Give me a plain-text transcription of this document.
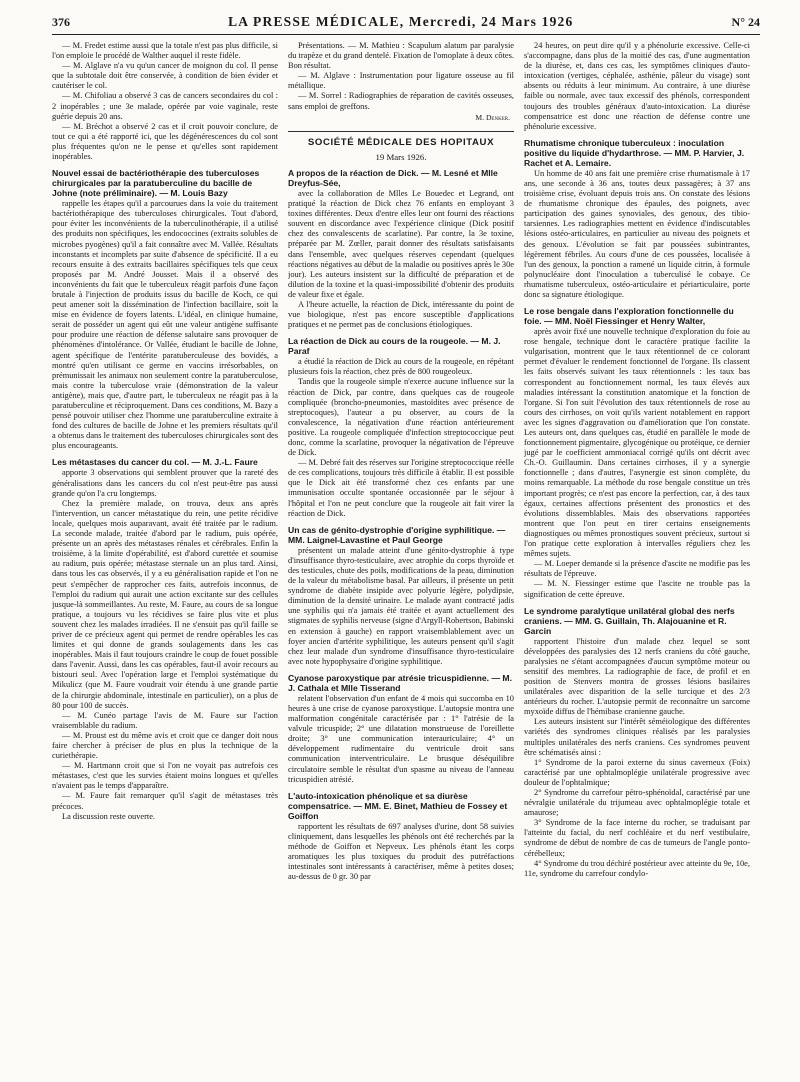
376	LA PRESSE MÉDICALE, Mercredi, 24 Mars 1926	N° 24

— M. Fredet estime aussi que la totale n'est pas plus difficile, si l'on emploie le procédé de Walther auquel il reste fidèle.

— M. Alglave n'a vu qu'un cancer de moignon du col. Il pense que la subtotale doit être conservée, à condition de bien évider et cautériser le col.

— M. Chifoliau a observé 3 cas de cancers secondaires du col : 2 inopérables ; une 3e malade, opérée par voie vaginale, reste guérie depuis 20 ans.

— M. Bréchot a observé 2 cas et il croit pouvoir conclure, de tout ce qui a été rapporté ici, que les dégénérescences du col sont plus fréquentes qu'on ne le pense et qu'elles sont rapidement inopérables.

Nouvel essai de bactériothérapie des tuberculoses chirurgicales par la paratuberculine du bacille de Johne (note préliminaire). — M. Louis Bazy

rappelle les étapes qu'il a parcourues dans la voie du traitement bactériothérapique des tuberculoses chirurgicales. Tout d'abord, pour éviter les inconvénients de la tuberculinothérapie, il a utilisé des produits non spécifiques, les endococcines (extraits solubles de microbes pyogènes) qu'il a fait connaître avec M. Vallée. Résultats inconstants et incomplets par suite d'absence de spécificité. Il a eu recours ensuite à des extraits bacillaires spécifiques tels que ceux proposés par M. André Jousset. Mais il a observé des inconvénients du fait que le tuberculeux réagit parfois d'une façon brutale à l'injection de produits issus du bacille de Koch, ce qui peut amener soit la dissémination de l'infection bacillaire, soit la mise en évidence de foyers latents. L'idéal, en clinique humaine, serait de posséder un agent qui eût une valeur antigène suffisante pour produire une réaction de défense salutaire sans provoquer de phénomènes d'intolérance. Or Vallée, étudiant le bacille de Johne, agent spécifique de l'entérite paratuberculeuse des bovidés, a montré qu'en utilisant ce germe en vaccins irrésorbables, on prémunissait les animaux non seulement contre la paratuberculose, mais contre la tuberculose vraie (démonstration de la valeur antigène), mais que, d'autre part, le tuberculeux ne réagit pas à la paratuberculine et réciproquement. Dans ces conditions, M. Bazy a pensé pouvoir utiliser chez l'homme une paratuberculine extraite à fond des cultures de bacille de Johne et les premiers résultats qu'il a obtenus dans le traitement des tuberculoses chirurgicales sont des plus encourageants.

Les métastases du cancer du col. — M. J.-L. Faure

apporte 3 observations qui semblent prouver que la rareté des généralisations dans les cancers du col n'est peut-être pas aussi grande qu'on l'a cru longtemps.

Chez la première malade, on trouva, deux ans après l'intervention, un cancer métastatique du rein, une petite récidive locale, quelques mois auparavant, avait été traitée par le radium. La seconde malade, traitée d'abord par le radium, puis opérée, présente un an après des métastases rénales et cérébrales. Enfin la troisième, à la limite d'opérabilité, est d'abord curettée et soumise au radium, puis opérée; métastase sternale un an plus tard. Ainsi, dans tous les cas observés, il y a eu généralisation rapide et l'on ne peut s'empêcher de rapprocher ces faits, autrefois inconnus, de l'emploi du radium qui aurait une action excitante sur des cellules jusque-là sommeillantes. Au reste, M. Faure, au cours de sa longue pratique, a toujours vu les récidives se faire plus vite et plus souvent chez les malades irradiées. Il ne s'ensuit pas qu'il faille se priver de ce précieux agent qui permet de rendre opérables les cas limites et qui donne de grands soulagements dans les cas inopérables. Mais il faut toujours craindre le coup de fouet possible dans l'avenir. Aussi, dans les cas opérables, faut-il avoir recours au bistouri seul. Avec l'opération large et l'emploi systématique du Mikulicz (que M. Faure voudrait voir étendu à une grande partie de la chirurgie abdominale, intestinale en particulier), on a plus de 80 pour 100 de succès.

— M. Cunéo partage l'avis de M. Faure sur l'action vraisemblable du radium.

— M. Proust est du même avis et croit que ce danger doit nous faire chercher à préciser de plus en plus la technique de la curiethérapie.

— M. Hartmann croit que si l'on ne voyait pas autrefois ces métastases, c'est que les survies étaient moins longues et qu'elles n'avaient pas le temps d'apparaître.

— M. Faure fait remarquer qu'il s'agit de métastases très précoces.

La discussion reste ouverte.

Présentations. — M. Mathieu : Scapulum alatum par paralysie du trapèze et du grand dentelé. Fixation de l'omoplate à deux côtes. Bon résultat.

— M. Alglave : Instrumentation pour ligature osseuse au fil métallique.

— M. Sorrel : Radiographies de réparation de cavités osseuses, sans emploi de greffons.

M. Denker.
SOCIÉTÉ MÉDICALE DES HOPITAUX
19 Mars 1926.
A propos de la réaction de Dick. — M. Lesné et Mlle Dreyfus-Sée,

avec la collaboration de Mlles Le Bouedec et Legrand, ont pratiqué la réaction de Dick chez 76 enfants en employant 3 toxines différentes. Deux d'entre elles leur ont fourni des réactions souvent en discordance avec l'expérience clinique (Dick positif chez des convalescents de scarlatine). Par contre, la 3e toxine, préparée par M. Zœller, parait donner des résultats satisfaisants dans l'ensemble, avec quelques réserves cependant (quelques réactions négatives au début de la maladie ou positives après le 30e jour). Les auteurs insistent sur la difficulté de préparation et de dilution de la toxine et la quasi-impossibilité d'obtenir des produits de valeur fixe et égale.

A l'heure actuelle, la réaction de Dick, intéressante du point de vue biologique, n'est pas encore susceptible d'applications pratiques et ne permet pas de conclusions étiologiques.

La réaction de Dick au cours de la rougeole. — M. J. Paraf

a étudié la réaction de Dick au cours de la rougeole, en répétant plusieurs fois la réaction, chez près de 800 rougeoleux.

Tandis que la rougeole simple n'exerce aucune influence sur la réaction de Dick, par contre, dans quelques cas de rougeole compliquée (broncho-pneumonies, mastoïdites avec présence de streptocoques), l'auteur a pu observer, au cours de la convalescence, la négativation d'une réaction antérieurement positive. La rougeole compliquée d'infection streptococcique peut donc, comme la scarlatine, provoquer la négativation de l'épreuve de Dick.

— M. Debré fait des réserves sur l'origine streptococcique réelle de ces complications, toujours très difficile à établir. Il est possible que le Dick ait été transformé chez ces enfants par une immunisation occulte spontanée occasionnée par le séjour à l'hôpital et l'on ne peut conclure que la rougeole ait fait virer la réaction de Dick.

Un cas de génito-dystrophie d'origine syphilitique. — MM. Laignel-Lavastine et Paul George

présentent un malade atteint d'une génito-dystrophie à type d'insuffisance thyro-testiculaire, avec atrophie du corps thyroïde et des testicules, chute des poils, modifications de la peau, diminution de la valeur du métabolisme basal. Par ailleurs, il présente un petit syndrome de diabète insipide avec polyurie légère, polydipsie, diminution de la densité urinaire. Le malade ayant contracté jadis une syphilis qui n'a jamais été traitée et ayant actuellement des stigmates de syphilis nerveuse (signe d'Argyll-Robertson, Babinski en extension à gauche) en rapport vraisemblablement avec un foyer ancien d'artérite syphilitique, les auteurs pensent qu'il s'agit chez leur malade d'un syndrome d'insuffisance thyro-testiculaire avec note hypophysaire d'origine syphilitique.

Cyanose paroxystique par atrésie tricuspidienne. — M. J. Cathala et Mlle Tisserand

relatent l'observation d'un enfant de 4 mois qui succomba en 10 heures à une crise de cyanose paroxystique. L'autopsie montra une malformation congénitale caractérisée par : 1° l'atrésie de la valvule tricuspide; 2° une dilatation monstrueuse de l'oreillette droite; 3° une communication interauriculaire; 4° un développement rudimentaire du ventricule droit sans communication interventriculaire. Le brusque déséquilibre circulatoire semble le résultat d'un spasme au niveau de l'anneau tricuspidien atrésié.

L'auto-intoxication phénolique et sa diurèse compensatrice. — MM. E. Binet, Mathieu de Fossey et Goiffon

rapportent les résultats de 697 analyses d'urine, dont 58 suivies cliniquement, dans lesquelles les phénols ont été recherchés par la méthode de Goiffon et Nepveux. Les phénols étant les corps aromatiques les plus toxiques du produit des putréfactions intestinales sont intéressants à caractériser, même à petites doses; au-dessus de 0 gr. 30 par

24 heures, on peut dire qu'il y a phénolurie excessive. Celle-ci s'accompagne, dans plus de la moitié des cas, d'une augmentation de la diurèse, et, dans ces cas, les symptômes cliniques d'auto-intoxication (vertiges, céphalée, asthénie, pâleur du visage) sont absents ou réduits à leur minimum. Au contraire, à une diurèse faible ou normale, avec taux excessif des phénols, correspondent toujours des troubles généraux d'auto-intoxication. La diurèse compensatrice est donc une réaction de défense contre une phénolurie excessive.

Rhumatisme chronique tuberculeux : inoculation positive du liquide d'hydarthrose. — MM. P. Harvier, J. Rachet et A. Lemaire.

Un homme de 40 ans fait une première crise rhumatismale à 17 ans, une seconde à 36 ans, toutes deux passagères; à 37 ans troisième crise, évoluant depuis trois ans. On constate des lésions de rhumatisme chronique des épaules, des poignets, avec participation des gaines synoviales, des genoux, des tibio-tarsiennes. Les radiographies mettent en évidence d'indiscutables lésions ostéo-articulaires, en particulier au niveau des poignets et des genoux. L'évolution se fait par poussées subintrantes, légèrement fébriles. Au cours d'une de ces poussées, localisée à l'un des genoux, la ponction a ramené un liquide citrin, à formule polynucléaire dont l'inoculation a tuberculisé le cobaye. Ce rhumatisme tuberculeux, ostéo-articulaire et périarticulaire, porte donc sa signature étiologique.

Le rose bengale dans l'exploration fonctionnelle du foie. — MM. Noël Fiessinger et Henry Walter,

après avoir fixé une nouvelle technique d'exploration du foie au rose bengale, technique dont le caractère pratique facilite la vulgarisation, montrent que le taux rétentionnel de ce colorant permet d'évaluer le rendement fonctionnel de l'organe. Ils classent les faits observés suivant les taux rétentionnels : les taux bas correspondent au fonctionnement normal, les taux élevés aux maladies intéressant la constitution anatomique et la fonction de l'organe. Si l'on suit l'évolution des taux rétentionnels de rose au cours des cirrhoses, on voit qu'ils varient notablement en rapport avec les signes d'aggravation ou d'amélioration que l'on constate. Les auteurs ont, dans quelques cas, étudié en parallèle le mode de fonctionnement pigmentaire, glycogénique ou protéique, ce dernier jugé par le coefficient ammoniacal corrigé qu'ils ont décrit avec Ch.-O. Guillaumin. Dans certaines cirrhoses, il y a synergie fonctionnelle ; dans d'autres, l'asynergie est sinon complète, du moins remarquable. La méthode du rose bengale constitue un très important progrès; ce n'est pas encore la perfection, car, à des taux égaux, certaines affections présentent des pronostics et des évolutions dissemblables. Mais des observations rapportées montrent que l'on peut en tirer certains enseignements diagnostiques ou mêmes pronostiques souvent précieux, surtout si l'on pratique cette exploration à intervalles réguliers chez les mêmes sujets.

— M. Loeper demande si la présence d'ascite ne modifie pas les résultats de l'épreuve.

— M. N. Fiessinger estime que l'ascite ne trouble pas la signification de cette épreuve.

Le syndrome paralytique unilatéral global des nerfs craniens. — MM. G. Guillain, Th. Alajouanine et R. Garcin

rapportent l'histoire d'un malade chez lequel se sont développées des paralysies des 12 nerfs craniens du côté gauche, paralysies ne s'étant accompagnées d'aucun symptôme moteur ou sensitif des membres. La radiographie de face, de profil et en position de Stenvers montra de grosses lésions basilaires unilatérales avec disparition de la selle turcique et des 2/3 antérieurs du rocher. L'autopsie permit de reconnaître un sarcome myxoïde diffus de l'hémibase cranienne gauche.

Les auteurs insistent sur l'intérêt séméiologique des différentes variétés des syndromes cliniques réalisés par les paralysies multiples unilatérales des nerfs craniens. Ces syndromes peuvent être schématisés ainsi :

1° Syndrome de la paroi externe du sinus caverneux (Foix) caractérisé par une ophtalmoplégie unilatérale progressive avec douleur de l'ophtalmique;

2° Syndrome du carrefour pétro-sphénoïdal, caractérisé par une névralgie unilatérale du trijumeau avec ophtalmoplégie totale et amaurose;

3° Syndrome de la face interne du rocher, se traduisant par l'atteinte du facial, du nerf cochléaire et du nerf vestibulaire, syndrome de début de nombre de cas de tumeurs de l'angle ponto-cérébelleux;

4° Syndrome du trou déchiré postérieur avec atteinte du 9e, 10e, 11e, syndrome du carrefour condylo-
